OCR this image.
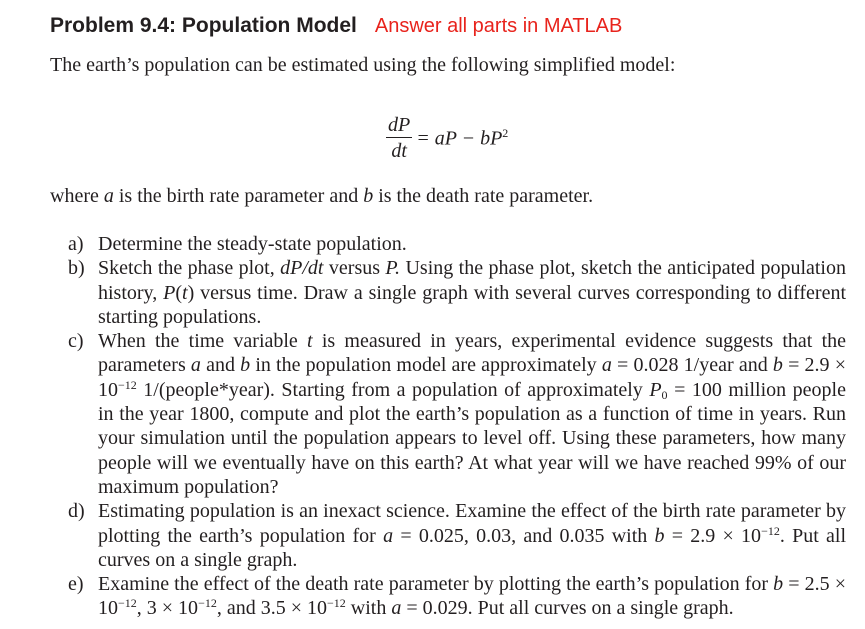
Problem 9.4: Population Model Answer all parts in MATLAB
The earth’s population can be estimated using the following simplified model:
$\frac{dP}{dt}$ = aP − $bP^2$
where a is the birth rate parameter and b is the death rate parameter.
a) Determine the steady-state population.
b) Sketch the phase plot, dP/dt versus P. Using the phase plot, sketch the anticipated population history, P(t) versus time. Draw a single graph with several curves corresponding to different starting populations.
c) When the time variable t is measured in years, experimental evidence suggests that the parameters a and b in the population model are approximately a = 0.028 1/year and $b = 2.9 \times 10^{-12}$ 1/(people*year). Starting from a population of approximately $P_0 = 100$ million people in the year 1800, compute and plot the earth’s population as a function of time in years. Run your simulation until the population appears to level off. Using these parameters, how many people will we eventually have on this earth? At what year will we have reached 99% of our maximum population?
d) Estimating population is an inexact science. Examine the effect of the birth rate parameter by plotting the earth’s population for a = 0.025, 0.03, and 0.035 with $b = 2.9 \times 10^{-12}$. Put all curves on a single graph.
e) Examine the effect of the death rate parameter by plotting the earth’s population for $b = 2.5 \times 10^{-12}$, $3 \times 10^{-12}$, and $3.5 \times 10^{-12}$ with a = 0.029. Put all curves on a single graph.
